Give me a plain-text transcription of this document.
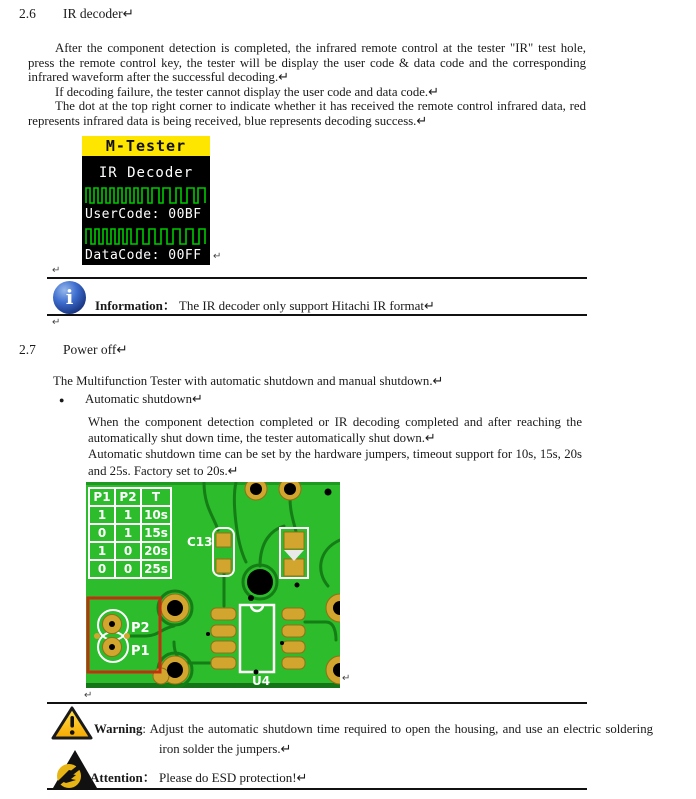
2.6 IR decoder↵

After the component detection is completed, the infrared remote control at the tester "IR" test hole, press the remote control key, the tester will be display the user code & data code and the corresponding infrared waveform after the successful decoding.↵

If decoding failure, the tester cannot display the user code and data code.↵

The dot at the top right corner to indicate whether it has received the remote control infrared data, red represents infrared data is being received, blue represents decoding success.↵

M-Tester
IR Decoder
UserCode: 00BF
DataCode: 00FF	↵
↵
i	Information： The IR decoder only support Hitachi IR format↵

↵
2.7 Power off↵

The Multifunction Tester with automatic shutdown and manual shutdown.↵

● Automatic shutdown↵

When the component detection completed or IR decoding completed and after reaching the automatically shut down time, the tester automatically shut down.↵

Automatic shutdown time can be set by the hardware jumpers, timeout support for 10s, 15s, 20s and 25s. Factory set to 20s.↵

C13
U4
P2
P1
P1	P2	T
1	1	10s
0	1	15s
1	0	20s
0	0	25s
↵
↵

Warning: Adjust the automatic shutdown time required to open the housing, and use an electric soldering iron solder the jumpers.↵

Attention： Please do ESD protection!↵
